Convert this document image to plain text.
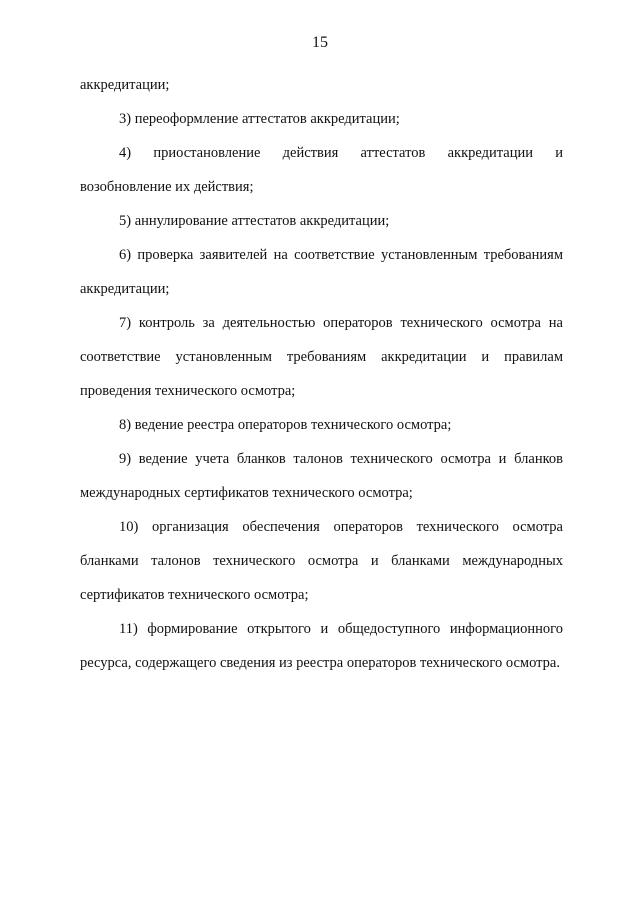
15

аккредитации;

3) переоформление аттестатов аккредитации;

4) приостановление действия аттестатов аккредитации и возобновление их действия;

5) аннулирование аттестатов аккредитации;

6) проверка заявителей на соответствие установленным требованиям аккредитации;

7) контроль за деятельностью операторов технического осмотра на соответствие установленным требованиям аккредитации и правилам проведения технического осмотра;

8) ведение реестра операторов технического осмотра;

9) ведение учета бланков талонов технического осмотра и бланков международных сертификатов технического осмотра;

10) организация обеспечения операторов технического осмотра бланками талонов технического осмотра и бланками международных сертификатов технического осмотра;

11) формирование открытого и общедоступного информационного ресурса, содержащего сведения из реестра операторов технического осмотра.
